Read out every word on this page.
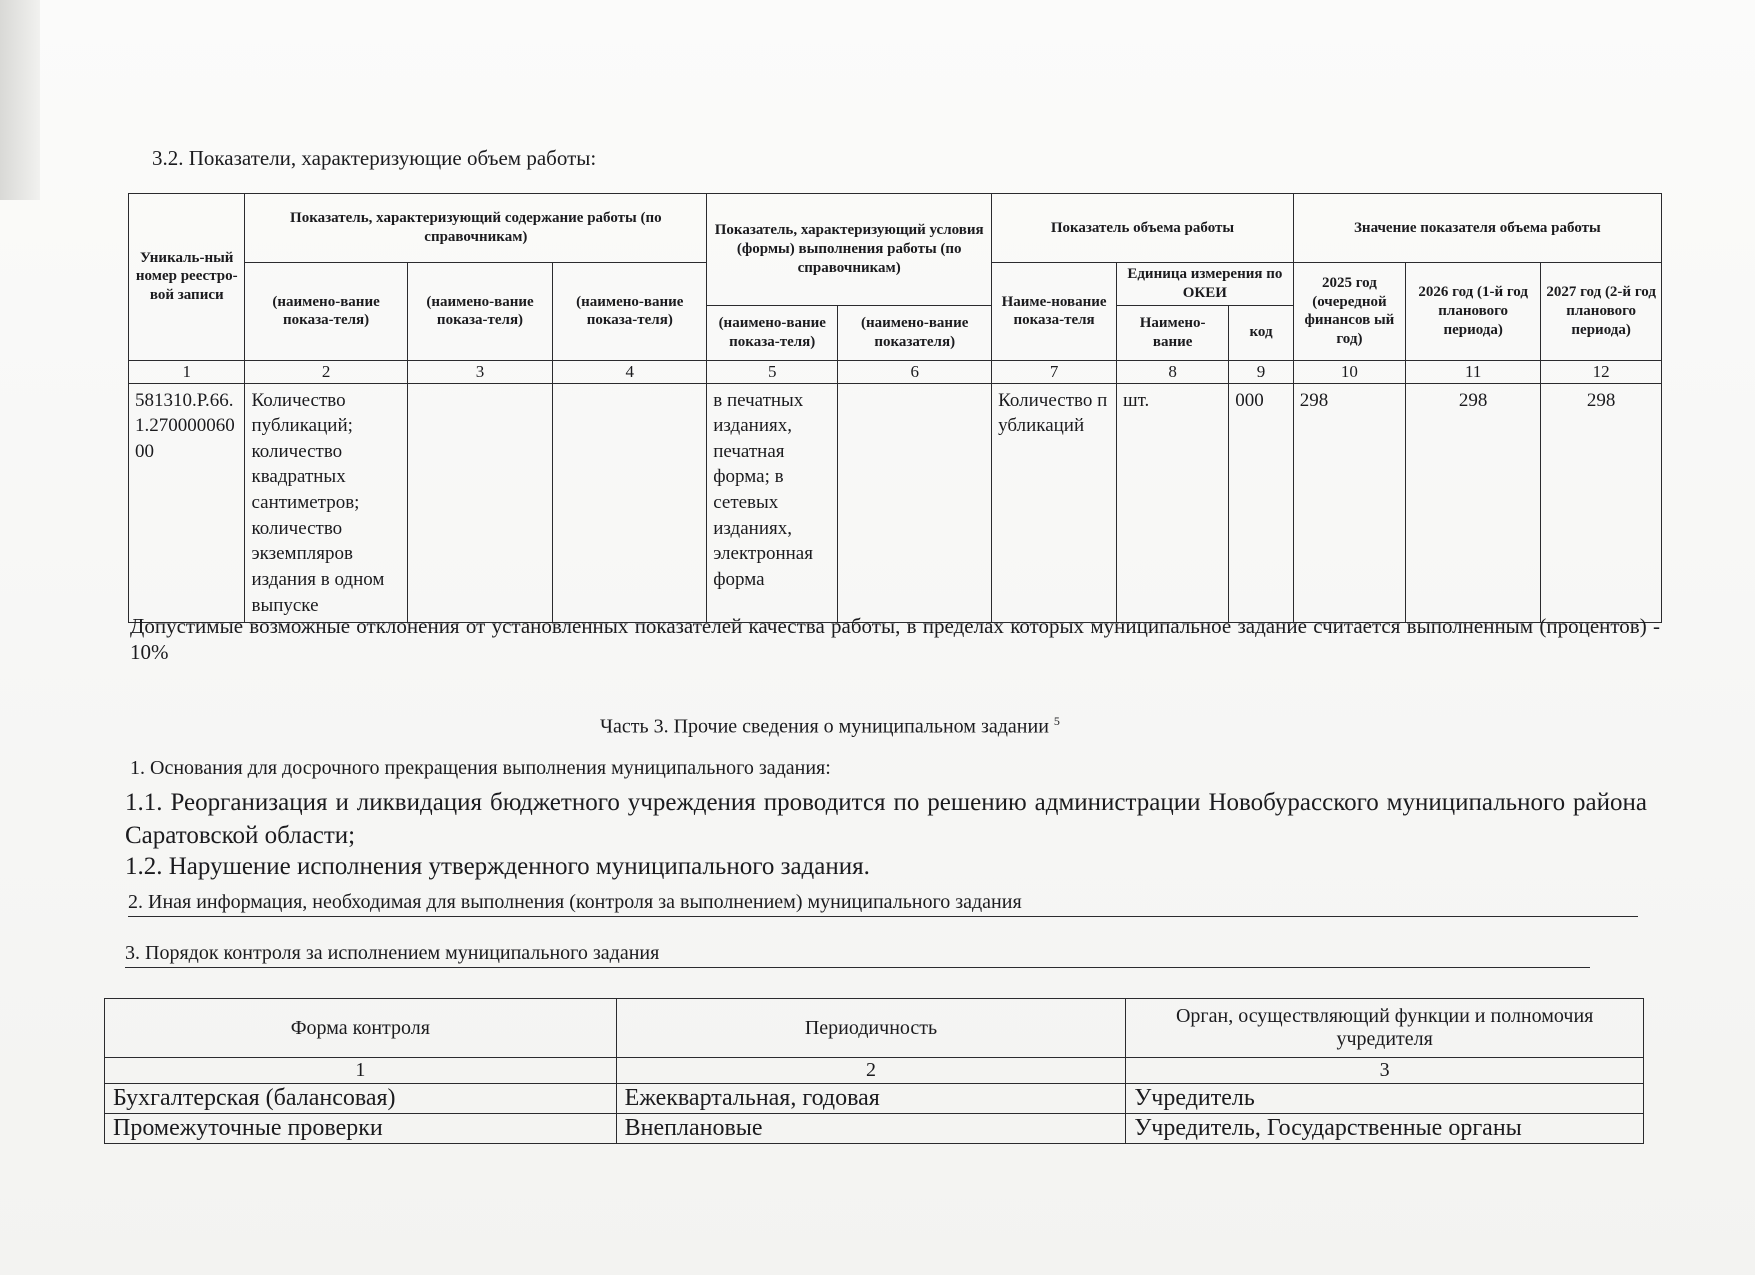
3.2. Показатели, характеризующие объем работы:
Уникаль-ный номер реестро-вой записи	Показатель, характеризующий содержание работы (по справочникам)			Показатель, характеризующий условия (формы) выполнения работы (по справочникам)		Показатель объема работы			Значение показателя объема работы		
	(наимено-вание показа-теля)	(наимено-вание показа-теля)	(наимено-вание показа-теля)			Наиме-нование показа-теля	Единица измерения по ОКЕИ		2025 год (очередной финансов ый год)	2026 год (1-й год планового периода)	2027 год (2-й год планового периода)
				(наимено-вание показа-теля)	(наимено-вание показателя)		Наимено-вание	код			
1	2	3	4	5	6	7	8	9	10	11	12
581310.Р.66.1.27000006000	Количество публикаций; количество квадратных сантиметров; количество экземпляров издания в одном выпуске			в печатных изданиях, печатная форма; в сетевых изданиях, электронная форма		Количество публикаций	шт.	000	298	298	298
Допустимые возможные отклонения от установленных показателей качества работы, в пределах которых муниципальное задание считается выполненным (процентов) - 10%
Часть 3. Прочие сведения о муниципальном задании $^5$
1. Основания для досрочного прекращения выполнения муниципального задания:
1.1. Реорганизация и ликвидация бюджетного учреждения проводится по решению администрации Новобурасского муниципального района Саратовской области;
1.2. Нарушение исполнения утвержденного муниципального задания.
2. Иная информация, необходимая для выполнения (контроля за выполнением) муниципального задания
3. Порядок контроля за исполнением муниципального задания
Форма контроля	Периодичность	Орган, осуществляющий функции и полномочия учредителя
1	2	3
Бухгалтерская (балансовая)	Ежеквартальная, годовая	Учредитель
Промежуточные проверки	Внеплановые	Учредитель, Государственные органы
